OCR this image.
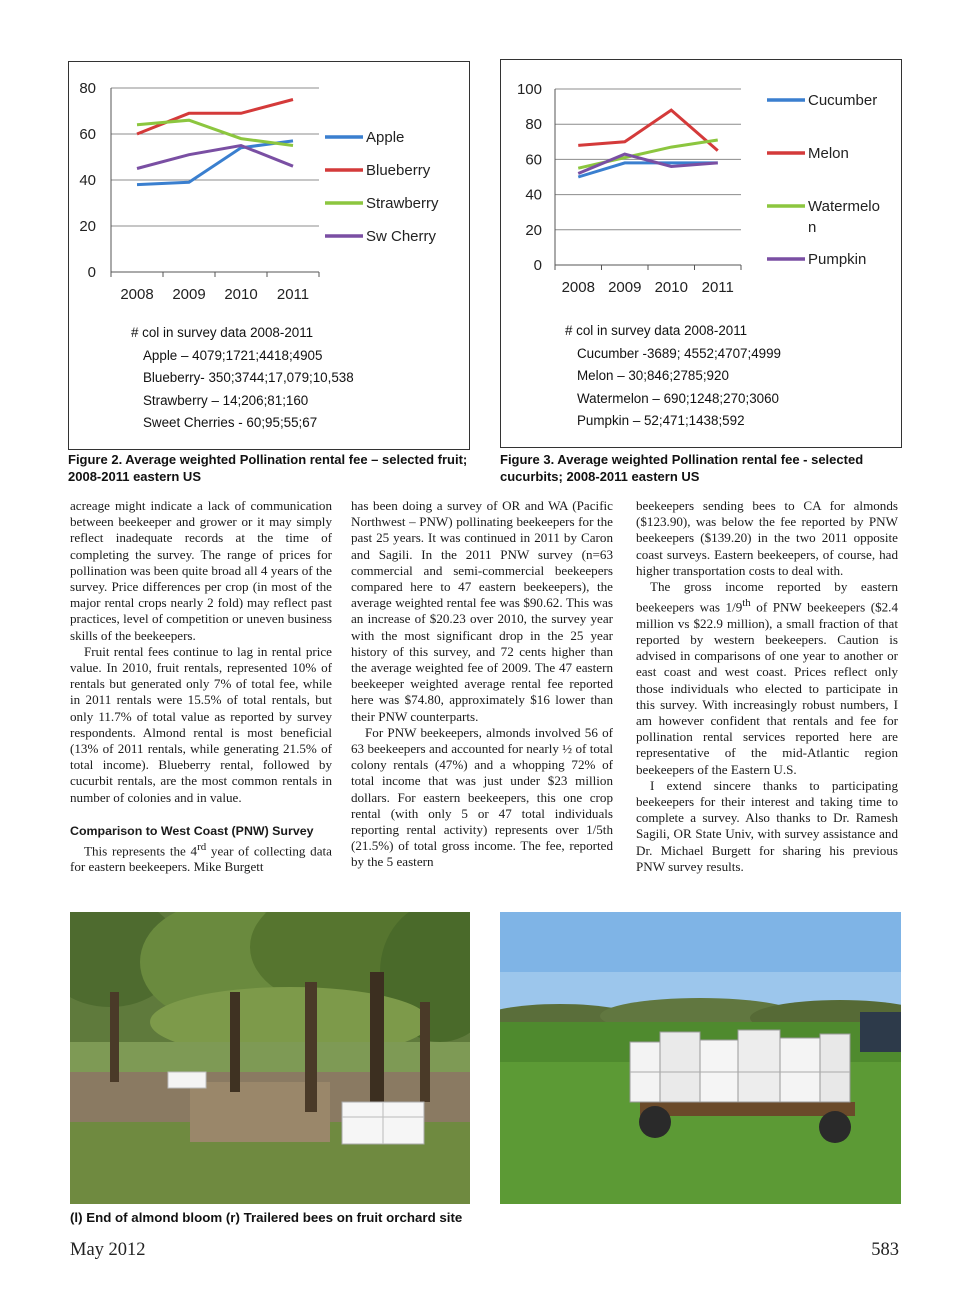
0
20
40
60
80
2008 2009 2010 2011
Apple
Blueberry
Strawberry
Sw Cherry
# col in survey data 2008-2011
Apple – 4079;1721;4418;4905
Blueberry- 350;3744;17,079;10,538
Strawberry – 14;206;81;160
Sweet Cherries - 60;95;55;67
Figure 2. Average weighted Pollination rental fee – selected fruit; 2008-2011 eastern US
0
20
40
60
80
100
2008 2009 2010 2011
Cucumber
Melon
Watermelo
n
Pumpkin
# col in survey data 2008-2011
Cucumber -3689; 4552;4707;4999
Melon – 30;846;2785;920
Watermelon – 690;1248;270;3060
Pumpkin – 52;471;1438;592
Figure 3. Average weighted Pollination rental fee - selected cucurbits; 2008-2011 eastern US

acreage might indicate a lack of communication between beekeeper and grower or it may simply reflect inadequate records at the time of completing the survey. The range of prices for pollination was been quite broad all 4 years of the survey. Price differences per crop (in most of the major rental crops nearly 2 fold) may reflect past practices, level of competition or uneven business skills of the beekeepers.

Fruit rental fees continue to lag in rental price value. In 2010, fruit rentals, represented 10% of rentals but generated only 7% of total fee, while in 2011 rentals were 15.5% of total rentals, but only 11.7% of total value as reported by survey respondents. Almond rental is most beneficial (13% of 2011 rentals, while generating 21.5% of total income). Blueberry rental, followed by cucurbit rentals, are the most common rentals in number of colonies and in value.

Comparison to West Coast (PNW) Survey

This represents the 4rd year of collecting data for eastern beekeepers. Mike Burgett

has been doing a survey of OR and WA (Pacific Northwest – PNW) pollinating beekeepers for the past 25 years. It was continued in 2011 by Caron and Sagili. In the 2011 PNW survey (n=63 commercial and semi-commercial beekeepers compared here to 47 eastern beekeepers), the average weighted rental fee was $90.62. This was an increase of $20.23 over 2010, the survey year with the most significant drop in the 25 year history of this survey, and 72 cents higher than the average weighted fee of 2009. The 47 eastern beekeeper weighted average rental fee reported here was $74.80, approximately $16 lower than their PNW counterparts.

For PNW beekeepers, almonds involved 56 of 63 beekeepers and accounted for nearly ½ of total colony rentals (47%) and a whopping 72% of total income that was just under $23 million dollars. For eastern beekeepers, this one crop rental (with only 5 or 47 total individuals reporting rental activity) represents over 1/5th (21.5%) of total gross income. The fee, reported by the 5 eastern

beekeepers sending bees to CA for almonds ($123.90), was below the fee reported by PNW beekeepers ($139.20) in the two 2011 opposite coast surveys. Eastern beekeepers, of course, had higher transportation costs to deal with.

The gross income reported by eastern beekeepers was 1/9th of PNW beekeepers ($2.4 million vs $22.9 million), a small fraction of that reported by western beekeepers. Caution is advised in comparisons of one year to another or east coast and west coast. Prices reflect only those individuals who elected to participate in this survey. With increasingly robust numbers, I am however confident that rentals and fee for pollination rental services reported here are representative of the mid-Atlantic region beekeepers of the Eastern U.S.

I extend sincere thanks to participating beekeepers for their interest and taking time to complete a survey. Also thanks to Dr. Ramesh Sagili, OR State Univ, with survey assistance and Dr. Michael Burgett for sharing his previous PNW survey results.

(l) End of almond bloom (r) Trailered bees on fruit orchard site
May 2012	583
